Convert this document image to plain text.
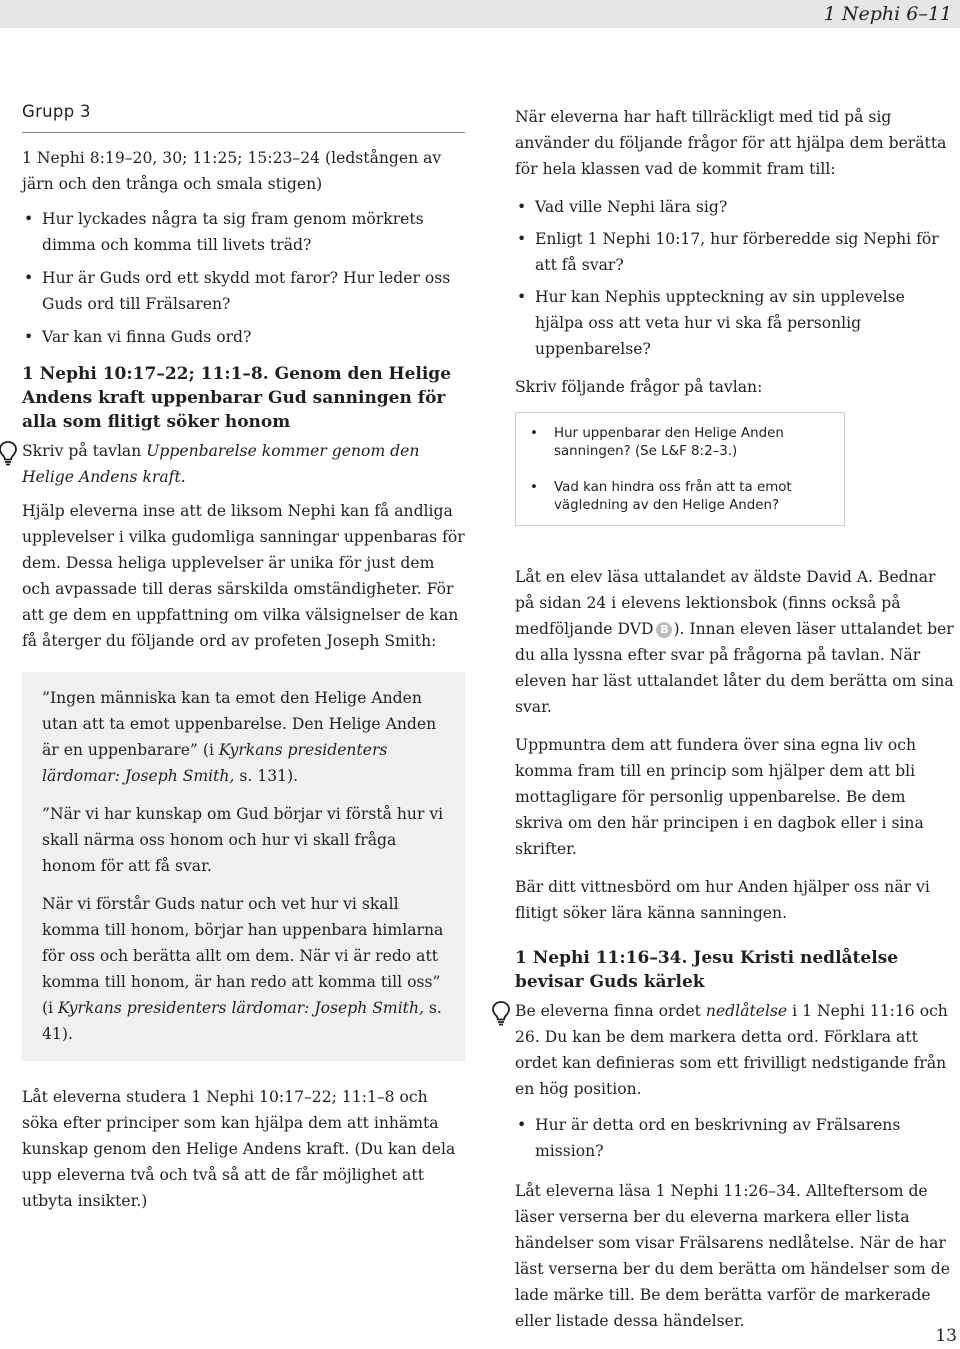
1 Nephi 6–11
Grupp 3

1 Nephi 8:19–20, 30; 11:25; 15:23–24 (ledstången av järn och den trånga och smala stigen)

• Hur lyckades några ta sig fram genom mörkrets dimma och komma till livets träd?
• Hur är Guds ord ett skydd mot faror? Hur leder oss Guds ord till Frälsaren?
• Var kan vi finna Guds ord?
1 Nephi 10:17–22; 11:1–8. Genom den Helige Andens kraft uppenbarar Gud sanningen för alla som flitigt söker honom

Skriv på tavlan Uppenbarelse kommer genom den Helige Andens kraft.

Hjälp eleverna inse att de liksom Nephi kan få andliga upplevelser i vilka gudomliga sanningar uppenbaras för dem. Dessa heliga upplevelser är unika för just dem och avpassade till deras särskilda omständigheter. För att ge dem en uppfattning om vilka välsignelser de kan få återger du följande ord av profeten Joseph Smith:

”Ingen människa kan ta emot den Helige Anden utan att ta emot uppenbarelse. Den Helige Anden är en uppenbarare” (i Kyrkans presidenters lärdomar: Joseph Smith, s. 131).

”När vi har kunskap om Gud börjar vi förstå hur vi skall närma oss honom och hur vi skall fråga honom för att få svar.

När vi förstår Guds natur och vet hur vi skall komma till honom, börjar han uppenbara himlarna för oss och berätta allt om dem. När vi är redo att komma till honom, är han redo att komma till oss” (i Kyrkans presidenters lärdomar: Joseph Smith, s. 41).

Låt eleverna studera 1 Nephi 10:17–22; 11:1–8 och söka efter principer som kan hjälpa dem att inhämta kunskap genom den Helige Andens kraft. (Du kan dela upp eleverna två och två så att de får möjlighet att utbyta insikter.)

När eleverna har haft tillräckligt med tid på sig använder du följande frågor för att hjälpa dem berätta för hela klassen vad de kommit fram till:

• Vad ville Nephi lära sig?
• Enligt 1 Nephi 10:17, hur förberedde sig Nephi för att få svar?
• Hur kan Nephis uppteckning av sin upplevelse hjälpa oss att veta hur vi ska få personlig uppenbarelse?

Skriv följande frågor på tavlan:

• Hur uppenbarar den Helige Anden sanningen? (Se L&F 8:2–3.)
• Vad kan hindra oss från att ta emot vägledning av den Helige Anden?

Låt en elev läsa uttalandet av äldste David A. Bednar på sidan 24 i elevens lektionsbok (finns också på medföljande DVD B ). Innan eleven läser uttalandet ber du alla lyssna efter svar på frågorna på tavlan. När eleven har läst uttalandet låter du dem berätta om sina svar.

Uppmuntra dem att fundera över sina egna liv och komma fram till en princip som hjälper dem att bli mottagligare för personlig uppenbarelse. Be dem skriva om den här principen i en dagbok eller i sina skrifter.

Bär ditt vittnesbörd om hur Anden hjälper oss när vi flitigt söker lära känna sanningen.

1 Nephi 11:16–34. Jesu Kristi nedlåtelse bevisar Guds kärlek

Be eleverna finna ordet nedlåtelse i 1 Nephi 11:16 och 26. Du kan be dem markera detta ord. Förklara att ordet kan definieras som ett frivilligt nedstigande från en hög position.

• Hur är detta ord en beskrivning av Frälsarens mission?

Låt eleverna läsa 1 Nephi 11:26–34. Allteftersom de läser verserna ber du eleverna markera eller lista händelser som visar Frälsarens nedlåtelse. När de har läst verserna ber du dem berätta om händelser som de lade märke till. Be dem berätta varför de markerade eller listade dessa händelser.

13
